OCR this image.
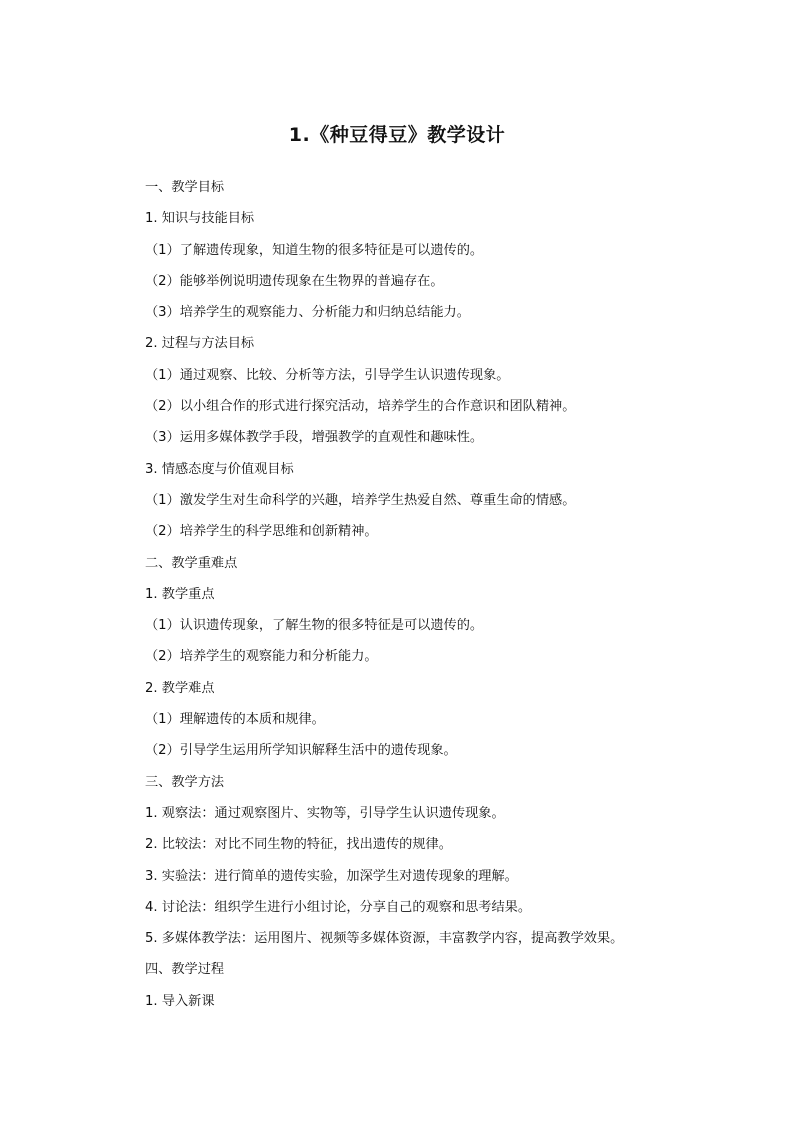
1.《种豆得豆》教学设计
一、教学目标
1. 知识与技能目标
（1）了解遗传现象，知道生物的很多特征是可以遗传的。
（2）能够举例说明遗传现象在生物界的普遍存在。
（3）培养学生的观察能力、分析能力和归纳总结能力。
2. 过程与方法目标
（1）通过观察、比较、分析等方法，引导学生认识遗传现象。
（2）以小组合作的形式进行探究活动，培养学生的合作意识和团队精神。
（3）运用多媒体教学手段，增强教学的直观性和趣味性。
3. 情感态度与价值观目标
（1）激发学生对生命科学的兴趣，培养学生热爱自然、尊重生命的情感。
（2）培养学生的科学思维和创新精神。
二、教学重难点
1. 教学重点
（1）认识遗传现象，了解生物的很多特征是可以遗传的。
（2）培养学生的观察能力和分析能力。
2. 教学难点
（1）理解遗传的本质和规律。
（2）引导学生运用所学知识解释生活中的遗传现象。
三、教学方法
1. 观察法：通过观察图片、实物等，引导学生认识遗传现象。
2. 比较法：对比不同生物的特征，找出遗传的规律。
3. 实验法：进行简单的遗传实验，加深学生对遗传现象的理解。
4. 讨论法：组织学生进行小组讨论，分享自己的观察和思考结果。
5. 多媒体教学法：运用图片、视频等多媒体资源，丰富教学内容，提高教学效果。
四、教学过程
1. 导入新课
